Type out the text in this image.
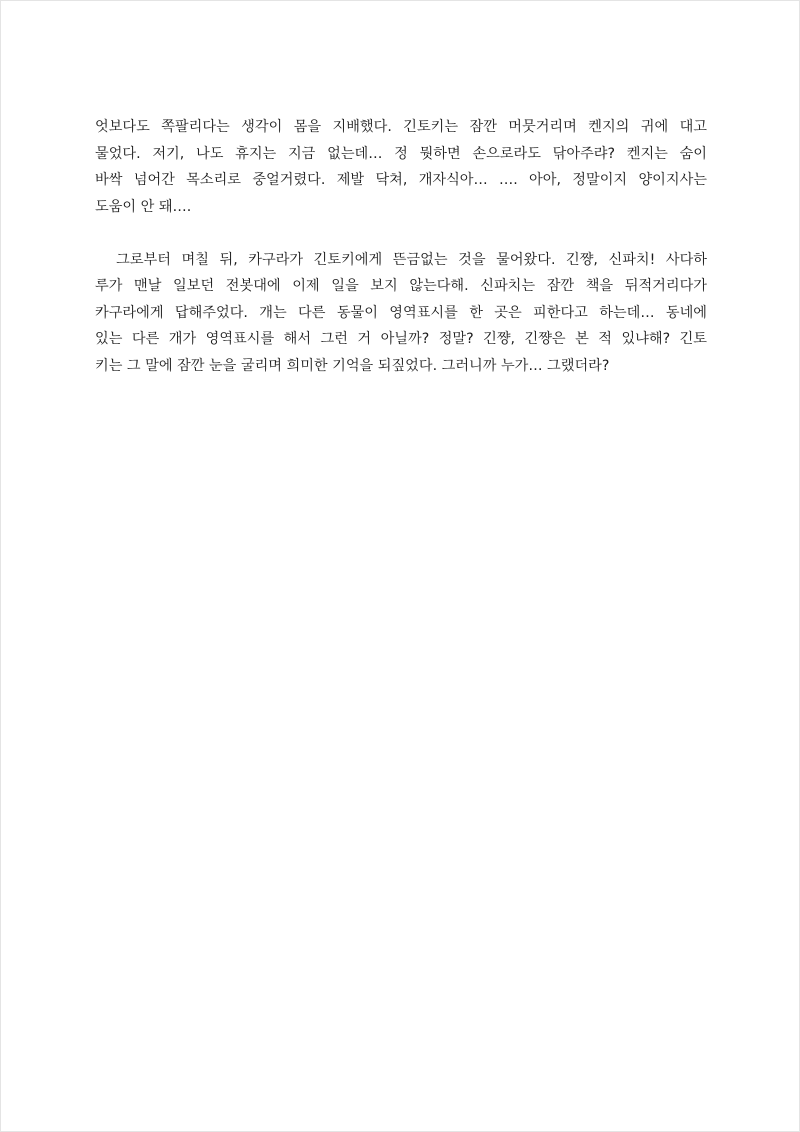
엇보다도 쪽팔리다는 생각이 몸을 지배했다. 긴토키는 잠깐 머뭇거리며 켄지의 귀에 대고
물었다. 저기, 나도 휴지는 지금 없는데… 정 뭣하면 손으로라도 닦아주랴? 켄지는 숨이
바싹 넘어간 목소리로 중얼거렸다. 제발 닥쳐, 개자식아… …. 아아, 정말이지 양이지사는
도움이 안 돼….

그로부터 며칠 뒤, 카구라가 긴토키에게 뜬금없는 것을 물어왔다. 긴쨩, 신파치! 사다하
루가 맨날 일보던 전봇대에 이제 일을 보지 않는다해. 신파치는 잠깐 책을 뒤적거리다가
카구라에게 답해주었다. 개는 다른 동물이 영역표시를 한 곳은 피한다고 하는데… 동네에
있는 다른 개가 영역표시를 해서 그런 거 아닐까? 정말? 긴쨩, 긴쨩은 본 적 있냐해? 긴토
키는 그 말에 잠깐 눈을 굴리며 희미한 기억을 되짚었다. 그러니까 누가… 그랬더라?
